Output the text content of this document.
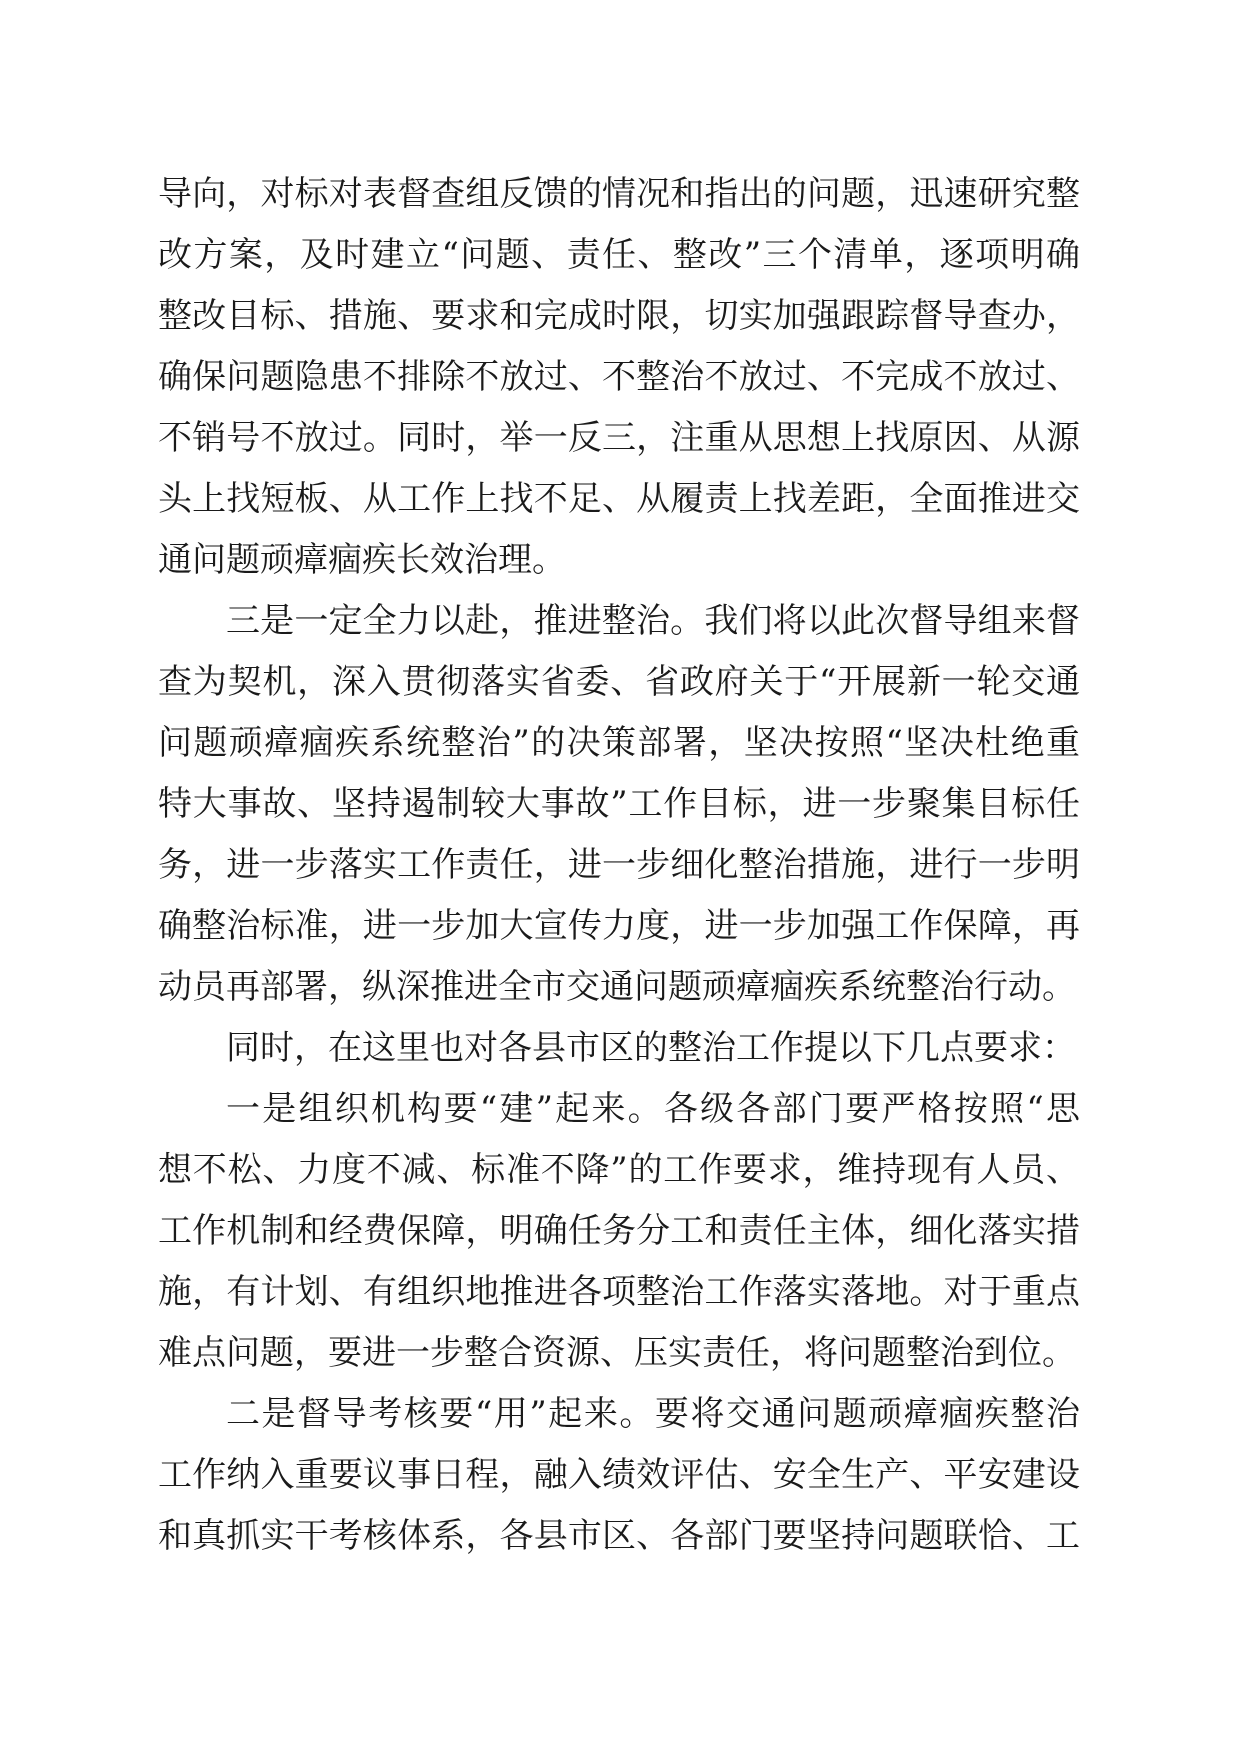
导向，对标对表督查组反馈的情况和指出的问题，迅速研究整
改方案，及时建立“问题、责任、整改”三个清单，逐项明确
整改目标、措施、要求和完成时限，切实加强跟踪督导查办，
确保问题隐患不排除不放过、不整治不放过、不完成不放过、
不销号不放过。同时，举一反三，注重从思想上找原因、从源
头上找短板、从工作上找不足、从履责上找差距，全面推进交
通问题顽瘴痼疾长效治理。
三是一定全力以赴，推进整治。我们将以此次督导组来督
查为契机，深入贯彻落实省委、省政府关于“开展新一轮交通
问题顽瘴痼疾系统整治”的决策部署，坚决按照“坚决杜绝重
特大事故、坚持遏制较大事故”工作目标，进一步聚集目标任
务，进一步落实工作责任，进一步细化整治措施，进行一步明
确整治标准，进一步加大宣传力度，进一步加强工作保障，再
动员再部署，纵深推进全市交通问题顽瘴痼疾系统整治行动。
同时，在这里也对各县市区的整治工作提以下几点要求：
一是组织机构要“建”起来。各级各部门要严格按照“思
想不松、力度不减、标准不降”的工作要求，维持现有人员、
工作机制和经费保障，明确任务分工和责任主体，细化落实措
施，有计划、有组织地推进各项整治工作落实落地。对于重点
难点问题，要进一步整合资源、压实责任，将问题整治到位。
二是督导考核要“用”起来。要将交通问题顽瘴痼疾整治
工作纳入重要议事日程，融入绩效评估、安全生产、平安建设
和真抓实干考核体系，各县市区、各部门要坚持问题联恰、工
